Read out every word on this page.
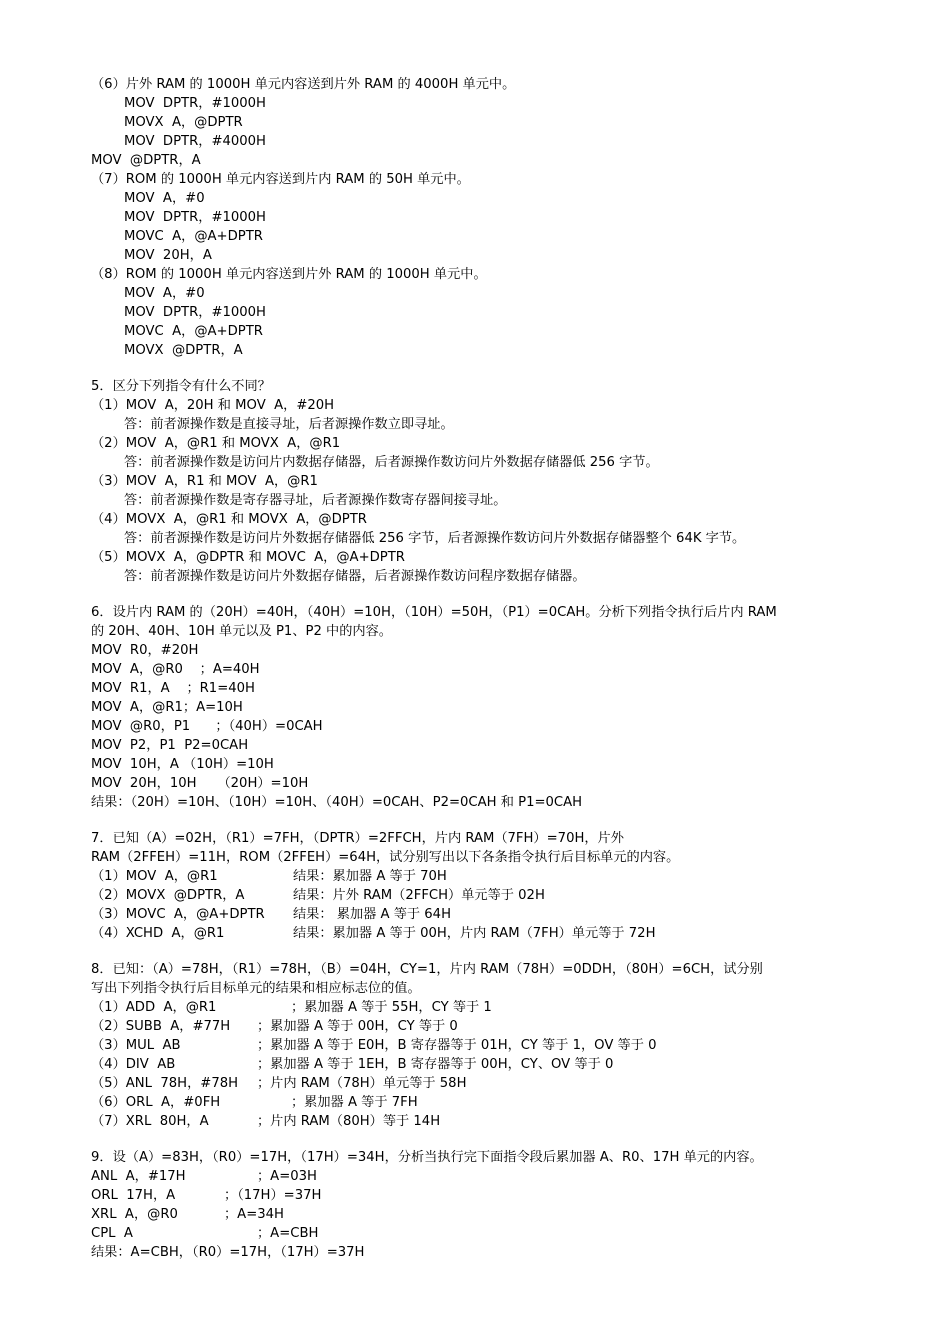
（6）片外 RAM 的 1000H 单元内容送到片外 RAM 的 4000H 单元中。
MOV  DPTR，#1000H
MOVX  A，@DPTR
MOV  DPTR，#4000H
MOV  @DPTR，A
（7）ROM 的 1000H 单元内容送到片内 RAM 的 50H 单元中。
MOV  A，#0
MOV  DPTR，#1000H
MOVC  A，@A+DPTR
MOV  20H，A
（8）ROM 的 1000H 单元内容送到片外 RAM 的 1000H 单元中。
MOV  A，#0
MOV  DPTR，#1000H
MOVC  A，@A+DPTR
MOVX  @DPTR，A
5．区分下列指令有什么不同？
（1）MOV  A，20H 和 MOV  A，#20H
答：前者源操作数是直接寻址，后者源操作数立即寻址。
（2）MOV  A，@R1 和 MOVX  A，@R1
答：前者源操作数是访问片内数据存储器，后者源操作数访问片外数据存储器低 256 字节。
（3）MOV  A，R1 和 MOV  A，@R1
答：前者源操作数是寄存器寻址，后者源操作数寄存器间接寻址。
（4）MOVX  A，@R1 和 MOVX  A，@DPTR
答：前者源操作数是访问片外数据存储器低 256 字节，后者源操作数访问片外数据存储器整个 64K 字节。
（5）MOVX  A，@DPTR 和 MOVC  A，@A+DPTR
答：前者源操作数是访问片外数据存储器，后者源操作数访问程序数据存储器。
6．设片内 RAM 的（20H）=40H，（40H）=10H，（10H）=50H，（P1）=0CAH。分析下列指令执行后片内 RAM
的 20H、40H、10H 单元以及 P1、P2 中的内容。
MOV  R0，#20H
MOV  A，@R0    ；A=40H
MOV  R1，A    ；R1=40H
MOV  A，@R1；A=10H
MOV  @R0，P1      ；（40H）=0CAH
MOV  P2，P1  P2=0CAH
MOV  10H，A （10H）=10H
MOV  20H，10H     （20H）=10H
结果：（20H）=10H、（10H）=10H、（40H）=0CAH、P2=0CAH 和 P1=0CAH
7．已知（A）=02H，（R1）=7FH，（DPTR）=2FFCH，片内 RAM（7FH）=70H，片外
RAM（2FFEH）=11H，ROM（2FFEH）=64H，试分别写出以下各条指令执行后目标单元的内容。
（1）MOV  A，@R1	结果：累加器 A 等于 70H
（2）MOVX  @DPTR，A	结果：片外 RAM（2FFCH）单元等于 02H
（3）MOVC  A，@A+DPTR 结果： 累加器 A 等于 64H
（4）XCHD  A，@R1	结果：累加器 A 等于 00H，片内 RAM（7FH）单元等于 72H
8．已知：（A）=78H，（R1）=78H，（B）=04H，CY=1，片内 RAM（78H）=0DDH，（80H）=6CH，试分别
写出下列指令执行后目标单元的结果和相应标志位的值。
（1）ADD  A，@R1	；累加器 A 等于 55H，CY 等于 1
（2）SUBB  A，#77H ；累加器 A 等于 00H，CY 等于 0
（3）MUL  AB	；累加器 A 等于 E0H，B 寄存器等于 01H，CY 等于 1，OV 等于 0
（4）DIV  AB	；累加器 A 等于 1EH，B 寄存器等于 00H，CY、OV 等于 0
（5）ANL  78H，#78H ；片内 RAM（78H）单元等于 58H
（6）ORL  A，#0FH	；累加器 A 等于 7FH
（7）XRL  80H，A	；片内 RAM（80H）等于 14H
9．设（A）=83H，（R0）=17H，（17H）=34H，分析当执行完下面指令段后累加器 A、R0、17H 单元的内容。
ANL  A，#17H	；A=03H
ORL  17H，A	；（17H）=37H
XRL  A，@R0	；A=34H
CPL  A	；A=CBH
结果：A=CBH，（R0）=17H，（17H）=37H
